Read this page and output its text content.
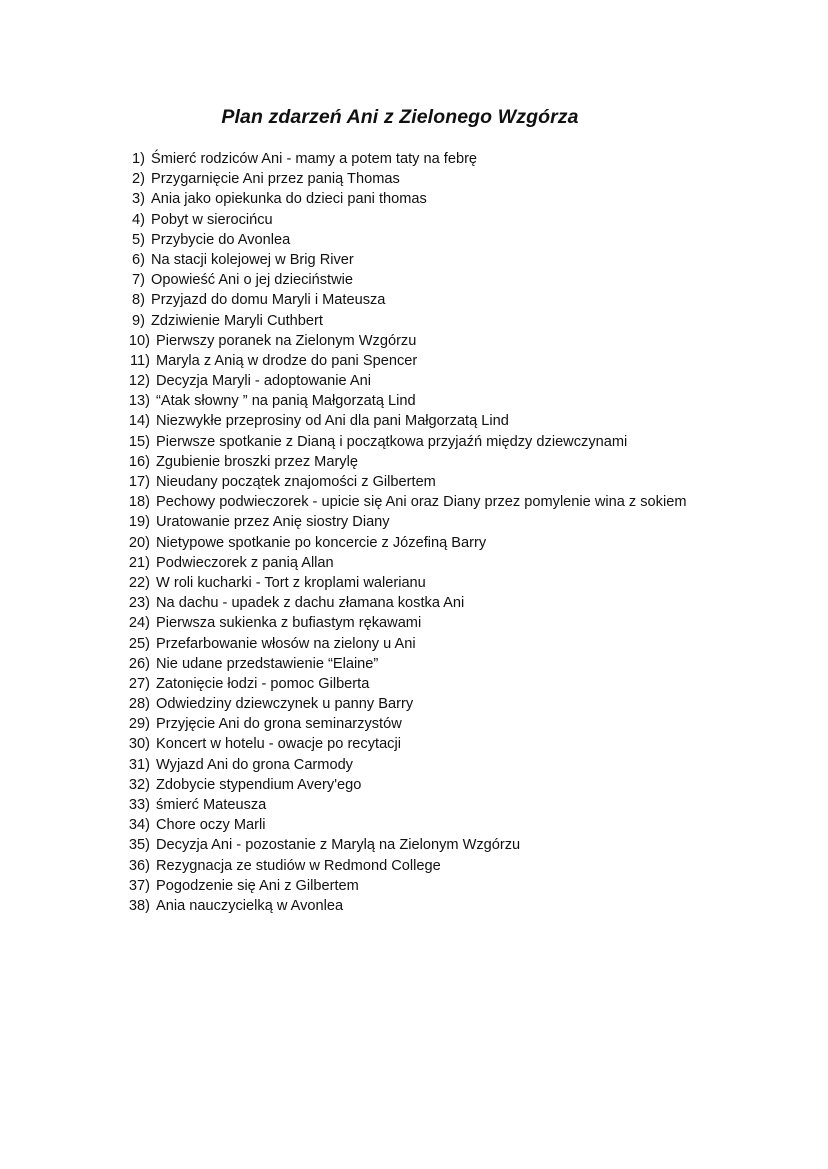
Plan zdarzeń Ani z Zielonego Wzgórza
1) Śmierć rodziców Ani - mamy a potem taty na febrę
2) Przygarnięcie Ani przez panią Thomas
3) Ania jako opiekunka do dzieci pani thomas
4) Pobyt w sierocińcu
5) Przybycie do Avonlea
6) Na stacji kolejowej w Brig River
7) Opowieść Ani o jej dzieciństwie
8) Przyjazd do domu Maryli i Mateusza
9) Zdziwienie Maryli Cuthbert
10) Pierwszy poranek na Zielonym Wzgórzu
11) Maryla z Anią w drodze do pani Spencer
12) Decyzja Maryli - adoptowanie Ani
13) “Atak słowny ” na panią Małgorzatą Lind
14) Niezwykłe przeprosiny od Ani dla pani Małgorzatą Lind
15) Pierwsze spotkanie z Dianą i początkowa przyjaźń między dziewczynami
16) Zgubienie broszki przez Marylę
17) Nieudany początek znajomości z Gilbertem
18) Pechowy podwieczorek - upicie się Ani oraz Diany przez pomylenie wina z sokiem
19) Uratowanie przez Anię siostry Diany
20) Nietypowe spotkanie po koncercie z Józefiną Barry
21) Podwieczorek z panią Allan
22) W roli kucharki - Tort z kroplami walerianu
23) Na dachu - upadek z dachu złamana kostka Ani
24) Pierwsza sukienka z bufiastym rękawami
25) Przefarbowanie włosów na zielony u Ani
26) Nie udane przedstawienie “Elaine”
27) Zatonięcie łodzi - pomoc Gilberta
28) Odwiedziny dziewczynek u panny Barry
29) Przyjęcie Ani do grona seminarzystów
30) Koncert w hotelu - owacje po recytacji
31) Wyjazd Ani do grona Carmody
32) Zdobycie stypendium Avery'ego
33) śmierć Mateusza
34) Chore oczy Marli
35) Decyzja Ani - pozostanie z Marylą na Zielonym Wzgórzu
36) Rezygnacja ze studiów w Redmond College
37) Pogodzenie się Ani z Gilbertem
38) Ania nauczycielką w Avonlea
